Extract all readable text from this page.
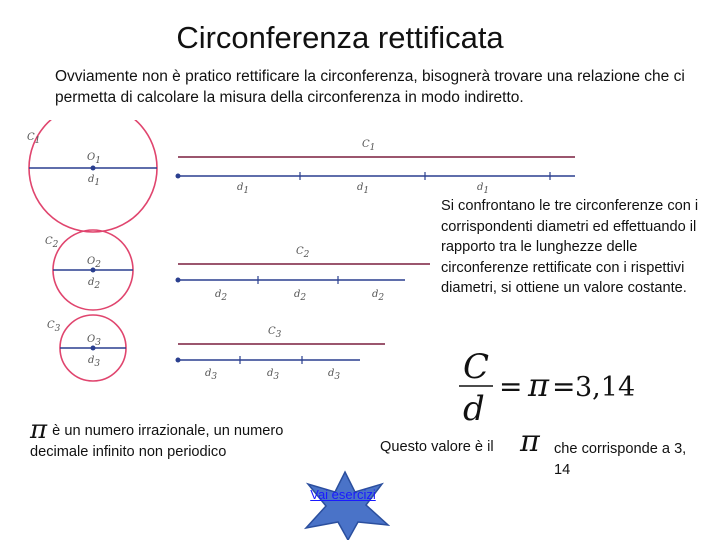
Circonferenza rettificata
Ovviamente non è pratico rettificare la circonferenza, bisognerà trovare una relazione che ci permetta di calcolare la misura della circonferenza in modo indiretto.
C1
O1
d1
C2
O2
d2
C3
O3
d3
C1
d1	d1
C2
d2	d2	d2
C3
d3	d3	d3
d1
Si confrontano le tre circonferenze con i corrispondenti diametri ed effettuando il rapporto tra le lunghezze delle circonferenze rettificate con i rispettivi diametri, si ottiene un valore costante.
C
d
= π = 3,14
π è un numero irrazionale, un numero decimale infinito non periodico	Questo valore è il π che corrisponde a 3, 14
Vai esercizi
